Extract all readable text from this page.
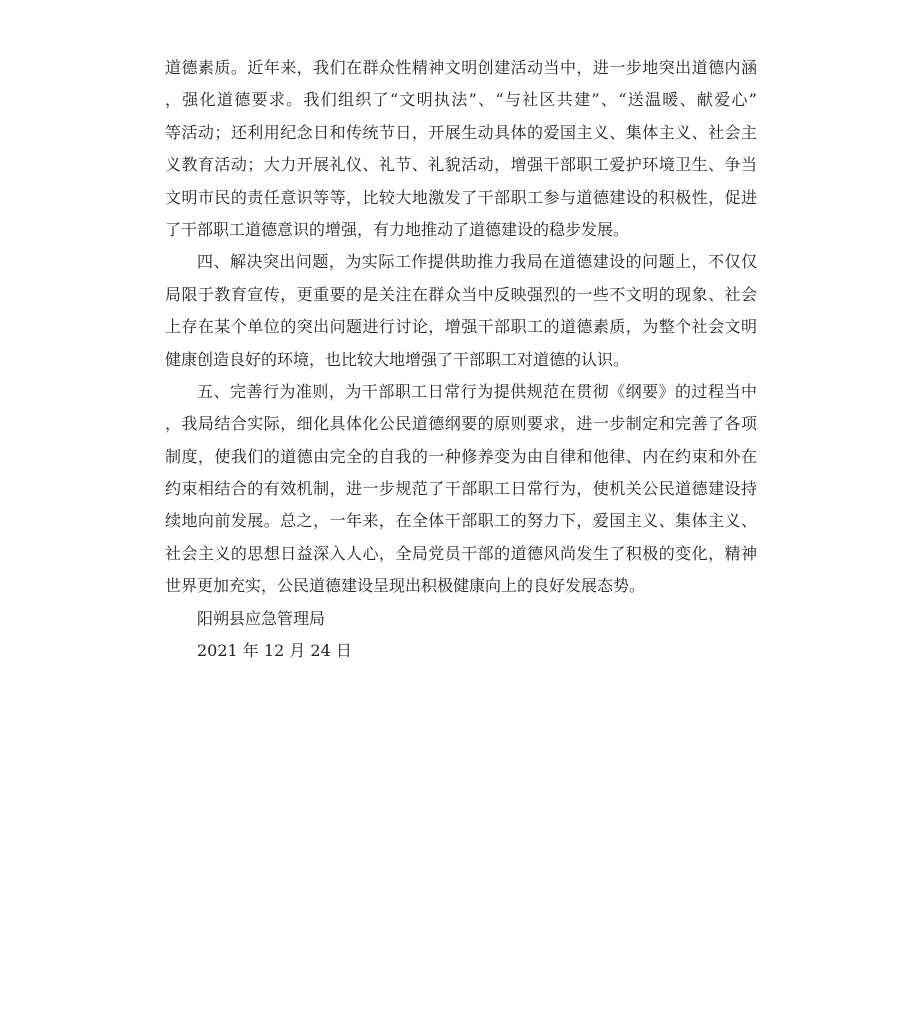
道德素质。近年来，我们在群众性精神文明创建活动当中，进一步地突出道德内涵
，强化道德要求。我们组织了“文明执法”、“与社区共建”、“送温暖、献爱心”
等活动；还利用纪念日和传统节日，开展生动具体的爱国主义、集体主义、社会主
义教育活动；大力开展礼仪、礼节、礼貌活动，增强干部职工爱护环境卫生、争当
文明市民的责任意识等等，比较大地激发了干部职工参与道德建设的积极性，促进
了干部职工道德意识的增强，有力地推动了道德建设的稳步发展。
四、解决突出问题，为实际工作提供助推力我局在道德建设的问题上，不仅仅
局限于教育宣传，更重要的是关注在群众当中反映强烈的一些不文明的现象、社会
上存在某个单位的突出问题进行讨论，增强干部职工的道德素质，为整个社会文明
健康创造良好的环境，也比较大地增强了干部职工对道德的认识。
五、完善行为准则，为干部职工日常行为提供规范在贯彻《纲要》的过程当中
，我局结合实际，细化具体化公民道德纲要的原则要求，进一步制定和完善了各项
制度，使我们的道德由完全的自我的一种修养变为由自律和他律、内在约束和外在
约束相结合的有效机制，进一步规范了干部职工日常行为，使机关公民道德建设持
续地向前发展。总之，一年来，在全体干部职工的努力下，爱国主义、集体主义、
社会主义的思想日益深入人心，全局党员干部的道德风尚发生了积极的变化，精神
世界更加充实，公民道德建设呈现出积极健康向上的良好发展态势。
阳朔县应急管理局
2021 年 12 月 24 日
